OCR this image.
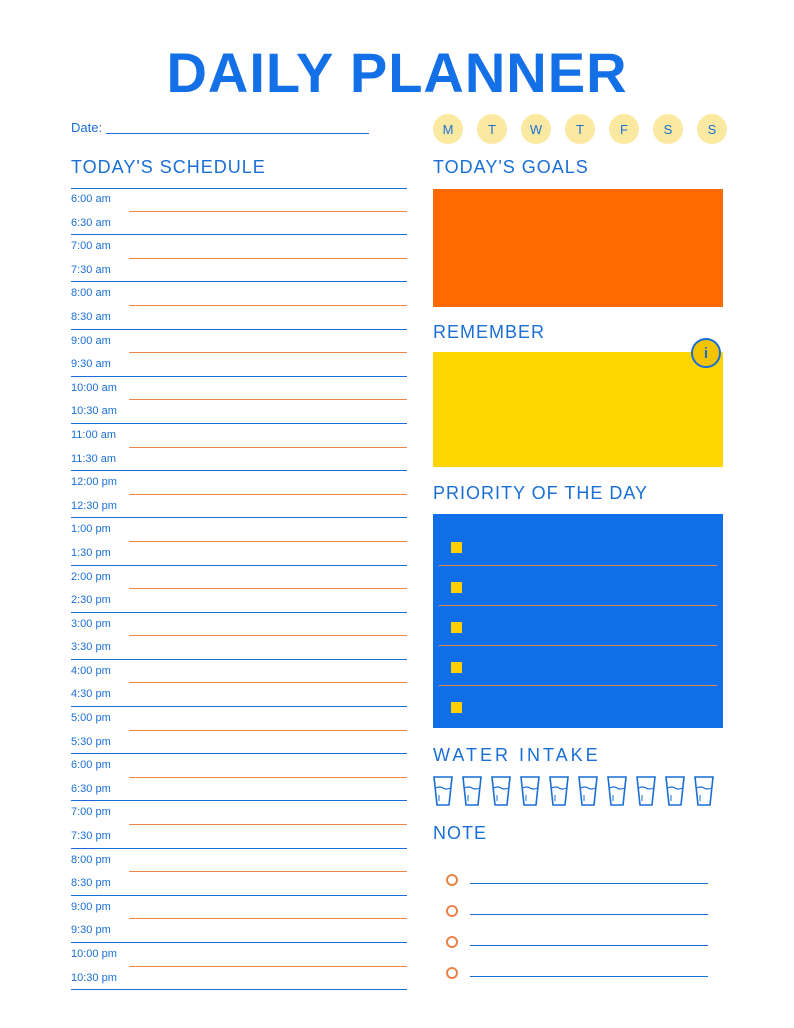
DAILY PLANNER
Date:	M	T	W	T	F	S	S
TODAY'S SCHEDULE
6:00 am
6:30 am
7:00 am
7:30 am
8:00 am
8:30 am
9:00 am
9:30 am
10:00 am
10:30 am
11:00 am
11:30 am
12:00 pm
12:30 pm
1:00 pm
1:30 pm
2:00 pm
2:30 pm
3:00 pm
3:30 pm
4:00 pm
4:30 pm
5:00 pm
5:30 pm
6:00 pm
6:30 pm
7:00 pm
7:30 pm
8:00 pm
8:30 pm
9:00 pm
9:30 pm
10:00 pm
10:30 pm
TODAY'S GOALS
REMEMBER
i
PRIORITY OF THE DAY
WATER INTAKE
NOTE
